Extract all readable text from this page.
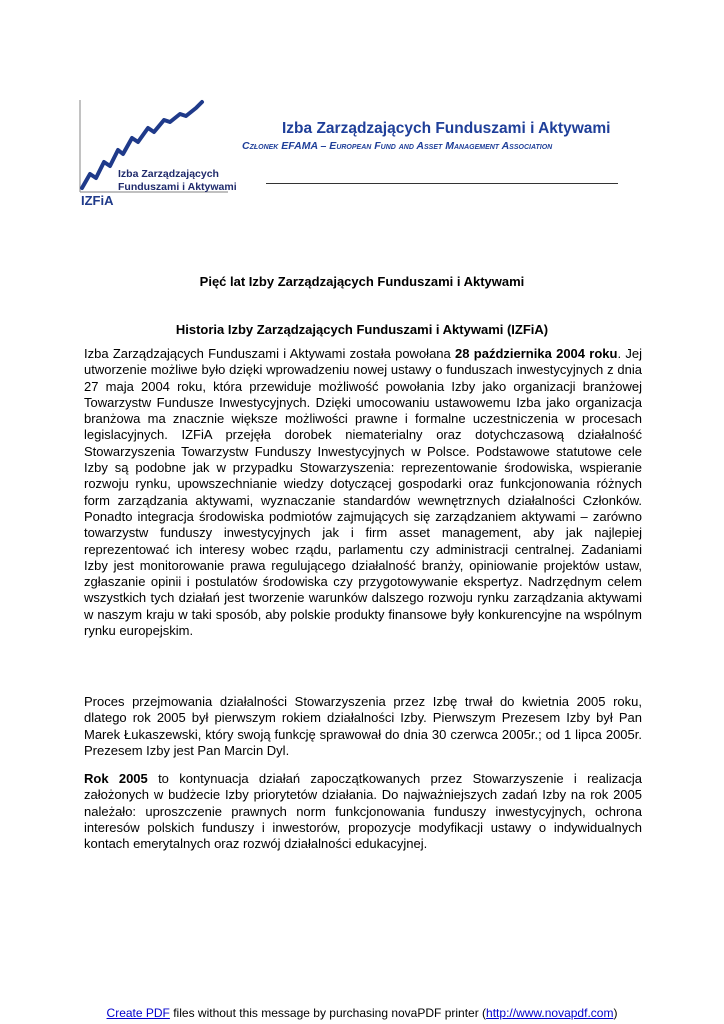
Izba Zarządzających
Funduszami i Aktywami
IZFiA
Izba Zarządzających Funduszami i Aktywami
Członek EFAMA – European Fund and Asset Management Association
Pięć lat Izby Zarządzających Funduszami i Aktywami
Historia Izby Zarządzających Funduszami i Aktywami (IZFiA)
Izba Zarządzających Funduszami i Aktywami została powołana 28 października 2004 roku. Jej utworzenie możliwe było dzięki wprowadzeniu nowej ustawy o funduszach inwestycyjnych z dnia 27 maja 2004 roku, która przewiduje możliwość powołania Izby jako organizacji branżowej Towarzystw Fundusze Inwestycyjnych. Dzięki umocowaniu ustawowemu Izba jako organizacja branżowa ma znacznie większe możliwości prawne i formalne uczestniczenia w procesach legislacyjnych. IZFiA przejęła dorobek niematerialny oraz dotychczasową działalność Stowarzyszenia Towarzystw Funduszy Inwestycyjnych w Polsce. Podstawowe statutowe cele Izby są podobne jak w przypadku Stowarzyszenia: reprezentowanie środowiska, wspieranie rozwoju rynku, upowszechnianie wiedzy dotyczącej gospodarki oraz funkcjonowania różnych form zarządzania aktywami, wyznaczanie standardów wewnętrznych działalności Członków. Ponadto integracja środowiska podmiotów zajmujących się zarządzaniem aktywami – zarówno towarzystw funduszy inwestycyjnych jak i firm asset management, aby jak najlepiej reprezentować ich interesy wobec rządu, parlamentu czy administracji centralnej. Zadaniami Izby jest monitorowanie prawa regulującego działalność branży, opiniowanie projektów ustaw, zgłaszanie opinii i postulatów środowiska czy przygotowywanie ekspertyz. Nadrzędnym celem wszystkich tych działań jest tworzenie warunków dalszego rozwoju rynku zarządzania aktywami w naszym kraju w taki sposób, aby polskie produkty finansowe były konkurencyjne na wspólnym rynku europejskim.
Proces przejmowania działalności Stowarzyszenia przez Izbę trwał do kwietnia 2005 roku, dlatego rok 2005 był pierwszym rokiem działalności Izby. Pierwszym Prezesem Izby był Pan Marek Łukaszewski, który swoją funkcję sprawował do dnia 30 czerwca 2005r.; od 1 lipca 2005r. Prezesem Izby jest Pan Marcin Dyl.
Rok 2005 to kontynuacja działań zapoczątkowanych przez Stowarzyszenie i realizacja założonych w budżecie Izby priorytetów działania. Do najważniejszych zadań Izby na rok 2005 należało: uproszczenie prawnych norm funkcjonowania funduszy inwestycyjnych, ochrona interesów polskich funduszy i inwestorów, propozycje modyfikacji ustawy o indywidualnych kontach emerytalnych oraz rozwój działalności edukacyjnej.
Create PDF files without this message by purchasing novaPDF printer (http://www.novapdf.com)
